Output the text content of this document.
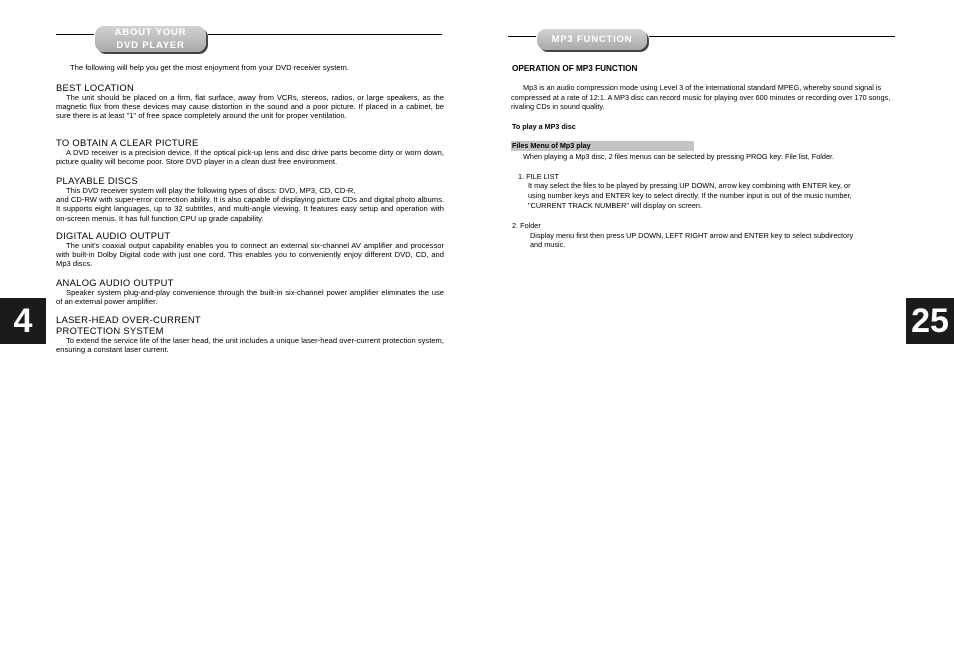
ABOUT YOUR
DVD PLAYER
The following will help you get the most enjoyment from your DVD receiver system.
BEST LOCATION

The unit should be placed on a firm, flat surface, away from VCRs, stereos, radios, or large speakers, as the magnetic flux from these devices may cause distortion in the sound and a poor picture. If placed in a cabinet, be sure there is at least "1" of free space completely around the unit for proper ventilation.

TO OBTAIN A CLEAR PICTURE

A DVD receiver is a precision device. If the optical pick-up lens and disc drive parts become dirty or worn down, picture quality will become poor. Store DVD player in a clean dust free environment.

PLAYABLE DISCS

This DVD receiver system will play the following types of discs: DVD, MP3, CD, CD-R,

and CD-RW with super-error correction ability. It is also capable of displaying picture CDs and digital photo albums. It supports eight languages, up to 32 subtitles, and multi-angle viewing. It features easy setup and operation with on-screen menus. It has full function CPU up grade capability.

DIGITAL AUDIO OUTPUT

The unit's coaxial output capability enables you to connect an external six-channel AV amplifier and processor with built-in Dolby Digital code with just one cord. This enables you to conveniently enjoy different DVD, CD, and Mp3 discs.

ANALOG AUDIO OUTPUT

Speaker system plug-and-play convenience through the built-in six-channel power amplifier eliminates the use of an external power amplifier.

LASER-HEAD OVER-CURRENT
PROTECTION SYSTEM

To extend the service life of the laser head, the unit includes a unique laser-head over-current protection system, ensuring a constant laser current.

4
MP3 FUNCTION
OPERATION OF MP3 FUNCTION

Mp3 is an audio compression mode using Level 3 of the international standard MPEG, whereby sound signal is compressed at a rate of 12:1. A MP3 disc can record music for playing over 600 minutes or recording over 170 songs, rivaling CDs in sound quality.

To play a MP3 disc
Files Menu of Mp3 play
When playing a Mp3 disc, 2 files menus can be selected by pressing PROG key: File list, Folder.
1. FILE LIST
It may select the files to be played by pressing UP DOWN, arrow key combining with ENTER key, or
using number keys and ENTER key to select directly. If the number input is out of the music number,
"CURRENT TRACK NUMBER" will display on screen.
2. Folder
Display menu first then press UP DOWN, LEFT RIGHT arrow and ENTER key to select subdirectory
and music.
25
